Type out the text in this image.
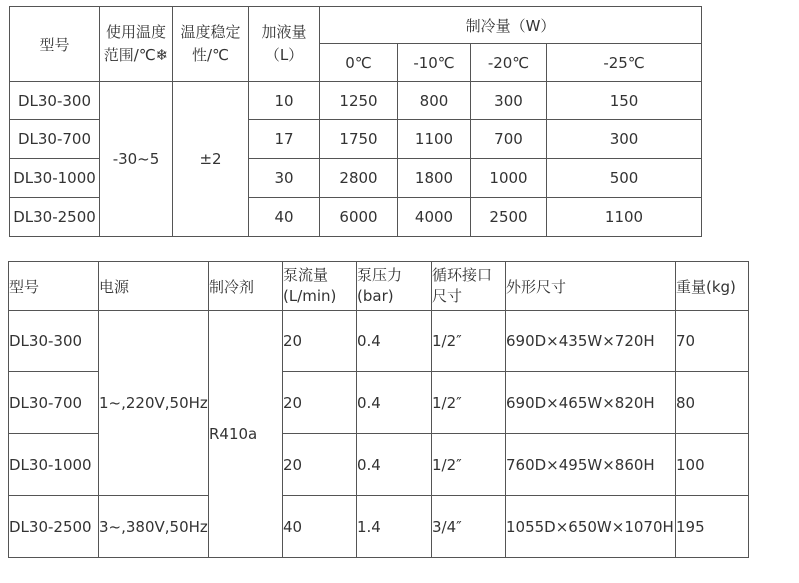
型号	使用温度范围/℃❄	温度稳定性/℃	加液量（L）	制冷量（W）			
				0℃	-10℃	-20℃	-25℃
DL30-300	-30~5	±2	10	1250	800	300	150
DL30-700			17	1750	1100	700	300
DL30-1000			30	2800	1800	1000	500
DL30-2500			40	6000	4000	2500	1100
型号	电源	制冷剂	泵流量(L/min)	泵压力(bar)	循环接口尺寸	外形尺寸	重量(kg)
DL30-300	1~,220V,50Hz	R410a	20	0.4	1/2″	690D×435W×720H	70
DL30-700			20	0.4	1/2″	690D×465W×820H	80
DL30-1000			20	0.4	1/2″	760D×495W×860H	100
DL30-2500	3~,380V,50Hz		40	1.4	3/4″	1055D×650W×1070H	195
